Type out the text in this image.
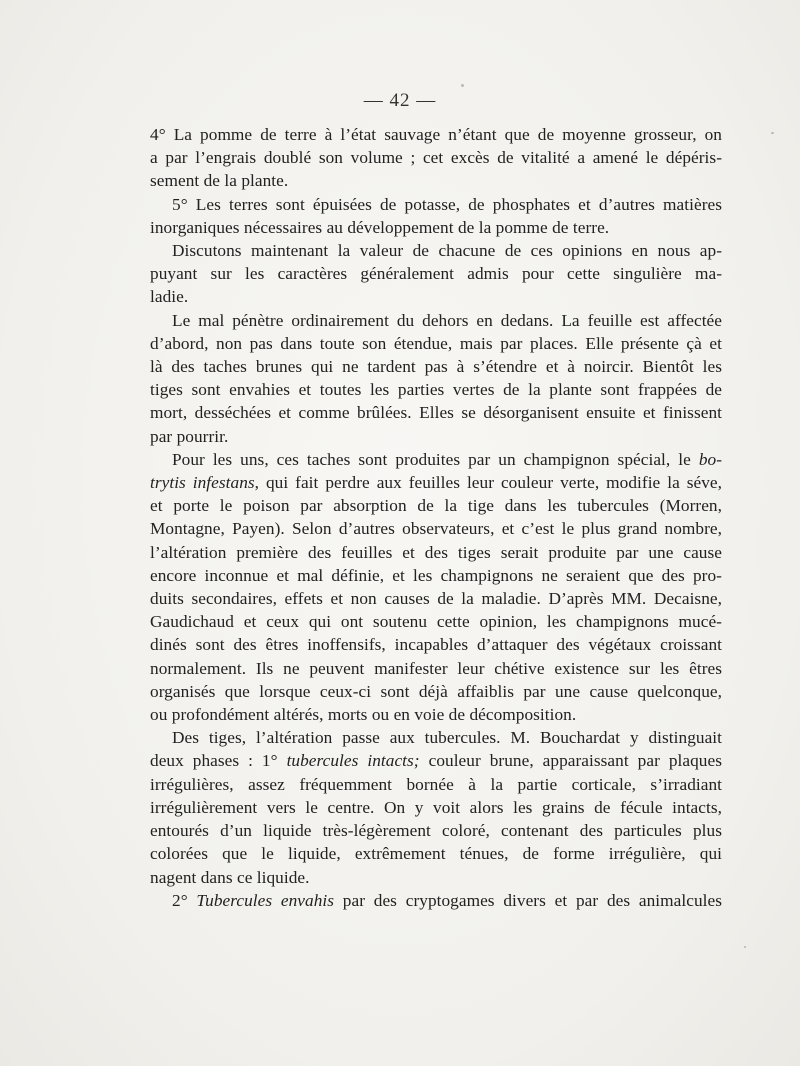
— 42 —
4° La pomme de terre à l’état sauvage n’étant que de moyenne grosseur, on
a par l’engrais doublé son volume ; cet excès de vitalité a amené le dépéris-
sement de la plante.
5° Les terres sont épuisées de potasse, de phosphates et d’autres matières
inorganiques nécessaires au développement de la pomme de terre.
Discutons maintenant la valeur de chacune de ces opinions en nous ap-
puyant sur les caractères généralement admis pour cette singulière ma-
ladie.
Le mal pénètre ordinairement du dehors en dedans. La feuille est affectée
d’abord, non pas dans toute son étendue, mais par places. Elle présente çà et
là des taches brunes qui ne tardent pas à s’étendre et à noircir. Bientôt les
tiges sont envahies et toutes les parties vertes de la plante sont frappées de
mort, desséchées et comme brûlées. Elles se désorganisent ensuite et finissent
par pourrir.
Pour les uns, ces taches sont produites par un champignon spécial, le bo-
trytis infestans, qui fait perdre aux feuilles leur couleur verte, modifie la séve,
et porte le poison par absorption de la tige dans les tubercules (Morren,
Montagne, Payen). Selon d’autres observateurs, et c’est le plus grand nombre,
l’altération première des feuilles et des tiges serait produite par une cause
encore inconnue et mal définie, et les champignons ne seraient que des pro-
duits secondaires, effets et non causes de la maladie. D’après MM. Decaisne,
Gaudichaud et ceux qui ont soutenu cette opinion, les champignons mucé-
dinés sont des êtres inoffensifs, incapables d’attaquer des végétaux croissant
normalement. Ils ne peuvent manifester leur chétive existence sur les êtres
organisés que lorsque ceux-ci sont déjà affaiblis par une cause quelconque,
ou profondément altérés, morts ou en voie de décomposition.
Des tiges, l’altération passe aux tubercules. M. Bouchardat y distinguait
deux phases : 1° tubercules intacts; couleur brune, apparaissant par plaques
irrégulières, assez fréquemment bornée à la partie corticale, s’irradiant
irrégulièrement vers le centre. On y voit alors les grains de fécule intacts,
entourés d’un liquide très-légèrement coloré, contenant des particules plus
colorées que le liquide, extrêmement ténues, de forme irrégulière, qui
nagent dans ce liquide.
2° Tubercules envahis par des cryptogames divers et par des animalcules
